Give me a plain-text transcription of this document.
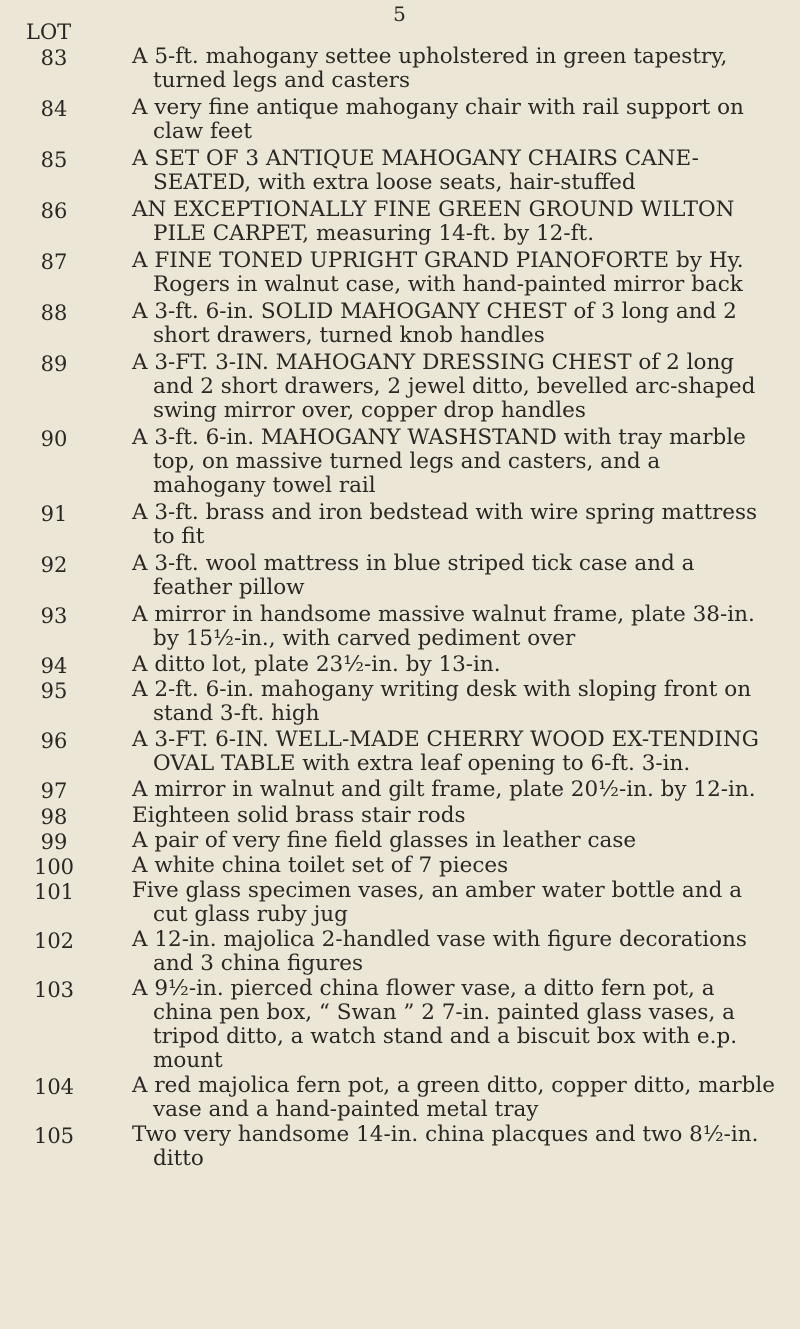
5
LOT
83	A 5-ft. mahogany settee upholstered in green tapestry, turned legs and casters
84	A very fine antique mahogany chair with rail support on claw feet
85	A SET OF 3 ANTIQUE MAHOGANY CHAIRS CANE-SEATED, with extra loose seats, hair-stuffed
86	AN EXCEPTIONALLY FINE GREEN GROUND WILTON PILE CARPET, measuring 14-ft. by 12-ft.
87	A FINE TONED UPRIGHT GRAND PIANOFORTE by Hy. Rogers in walnut case, with hand-painted mirror back
88	A 3-ft. 6-in. SOLID MAHOGANY CHEST of 3 long and 2 short drawers, turned knob handles
89	A 3-FT. 3-IN. MAHOGANY DRESSING CHEST of 2 long and 2 short drawers, 2 jewel ditto, bevelled arc-shaped swing mirror over, copper drop handles
90	A 3-ft. 6-in. MAHOGANY WASHSTAND with tray marble top, on massive turned legs and casters, and a mahogany towel rail
91	A 3-ft. brass and iron bedstead with wire spring mattress to fit
92	A 3-ft. wool mattress in blue striped tick case and a feather pillow
93	A mirror in handsome massive walnut frame, plate 38-in. by 15½-in., with carved pediment over
94	A ditto lot, plate 23½-in. by 13-in.
95	A 2-ft. 6-in. mahogany writing desk with sloping front on stand 3-ft. high
96	A 3-FT. 6-IN. WELL-MADE CHERRY WOOD EX-TENDING OVAL TABLE with extra leaf opening to 6-ft. 3-in.
97	A mirror in walnut and gilt frame, plate 20½-in. by 12-in.
98	Eighteen solid brass stair rods
99	A pair of very fine field glasses in leather case
100	A white china toilet set of 7 pieces
101	Five glass specimen vases, an amber water bottle and a cut glass ruby jug
102	A 12-in. majolica 2-handled vase with figure decorations and 3 china figures
103	A 9½-in. pierced china flower vase, a ditto fern pot, a china pen box, “ Swan ” 2 7-in. painted glass vases, a tripod ditto, a watch stand and a biscuit box with e.p. mount
104	A red majolica fern pot, a green ditto, copper ditto, marble vase and a hand-painted metal tray
105	Two very handsome 14-in. china placques and two 8½-in. ditto
